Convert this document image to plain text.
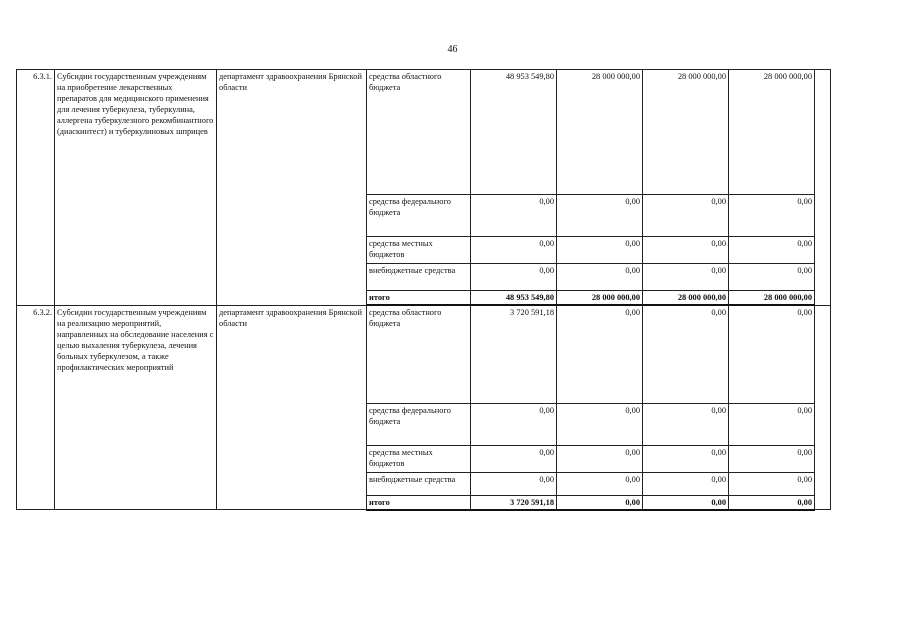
46
6.3.1.	Субсидии государственным учреждениям на приобретение лекарственных препаратов для медицинского применения для лечения туберкулеза, туберкулина, аллергена туберкулезного рекомбинантного (диаскинтест) и туберкулиновых шприцев	департамент здравоохранения Брянской области	средства областного бюджета	48 953 549,80	28 000 000,00	28 000 000,00	28 000 000,00	
			средства федерального бюджета	0,00	0,00	0,00	0,00	
			средства местных бюджетов	0,00	0,00	0,00	0,00	
			внебюджетные средства	0,00	0,00	0,00	0,00	
			итого	48 953 549,80	28 000 000,00	28 000 000,00	28 000 000,00	
6.3.2.	Субсидии государственным учреждениям на реализацию мероприятий, направленных на обследование населения с целью выхаления туберкулеза, лечения больных туберкулезом, а также профилактических мероприятий	департамент здравоохранения Брянской области	средства областного бюджета	3 720 591,18	0,00	0,00	0,00	
			средства федерального бюджета	0,00	0,00	0,00	0,00	
			средства местных бюджетов	0,00	0,00	0,00	0,00	
			внебюджетные средства	0,00	0,00	0,00	0,00	
			итого	3 720 591,18	0,00	0,00	0,00	
